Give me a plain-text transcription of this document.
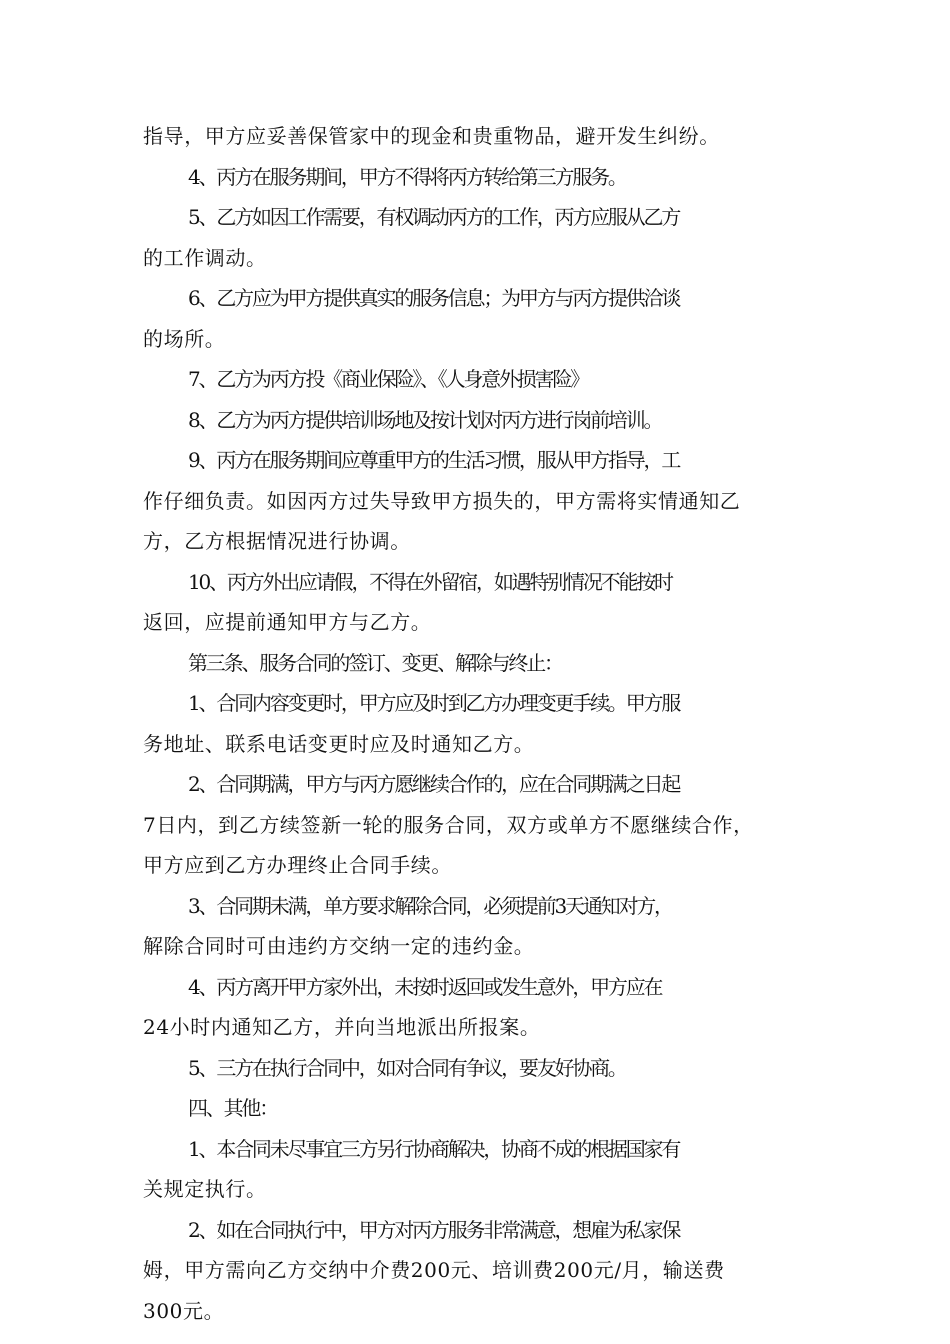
指导，甲方应妥善保管家中的现金和贵重物品，避开发生纠纷。

4、丙方在服务期间，甲方不得将丙方转给第三方服务。

5、乙方如因工作需要，有权调动丙方的工作，丙方应服从乙方

的工作调动。

6、乙方应为甲方提供真实的服务信息；为甲方与丙方提供洽谈

的场所。

7、乙方为丙方投《商业保险》、《人身意外损害险》

8、乙方为丙方提供培训场地及按计划对丙方进行岗前培训。

9、丙方在服务期间应尊重甲方的生活习惯，服从甲方指导，工

作仔细负责。如因丙方过失导致甲方损失的，甲方需将实情通知乙

方，乙方根据情况进行协调。

10、丙方外出应请假，不得在外留宿，如遇特别情况不能按时

返回，应提前通知甲方与乙方。

第三条、服务合同的签订、变更、解除与终止：

1、合同内容变更时，甲方应及时到乙方办理变更手续。甲方服

务地址、联系电话变更时应及时通知乙方。

2、合同期满，甲方与丙方愿继续合作的，应在合同期满之日起

7日内，到乙方续签新一轮的服务合同，双方或单方不愿继续合作，

甲方应到乙方办理终止合同手续。

3、合同期未满，单方要求解除合同，必须提前3天通知对方，

解除合同时可由违约方交纳一定的违约金。

4、丙方离开甲方家外出，未按时返回或发生意外，甲方应在

24小时内通知乙方，并向当地派出所报案。

5、三方在执行合同中，如对合同有争议，要友好协商。

四、其他：

1、本合同未尽事宜三方另行协商解决，协商不成的根据国家有

关规定执行。

2、如在合同执行中，甲方对丙方服务非常满意，想雇为私家保

姆，甲方需向乙方交纳中介费200元、培训费200元/月，输送费

300元。
